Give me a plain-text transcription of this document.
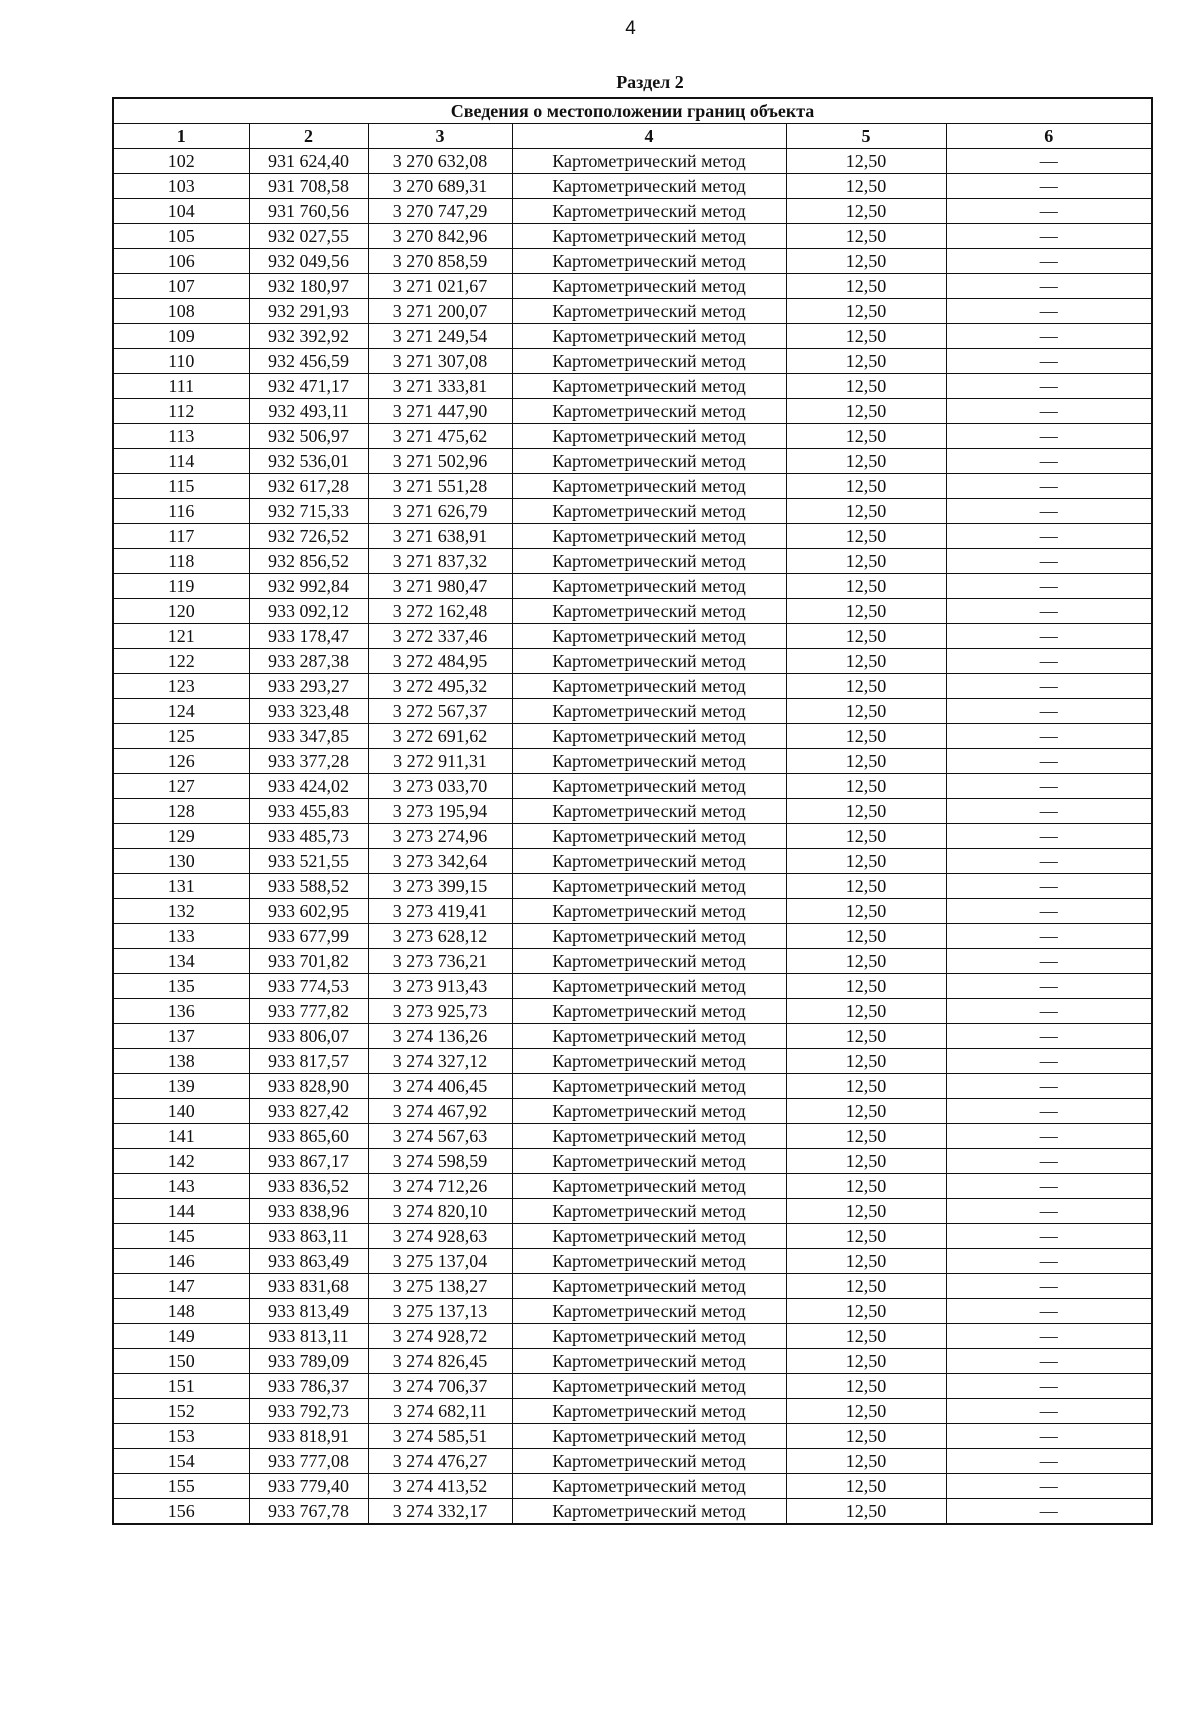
4
Раздел 2
Сведения о местоположении границ объекта					
1	2	3	4	5	6
102	931 624,40	3 270 632,08	Картометрический метод	12,50	—
103	931 708,58	3 270 689,31	Картометрический метод	12,50	—
104	931 760,56	3 270 747,29	Картометрический метод	12,50	—
105	932 027,55	3 270 842,96	Картометрический метод	12,50	—
106	932 049,56	3 270 858,59	Картометрический метод	12,50	—
107	932 180,97	3 271 021,67	Картометрический метод	12,50	—
108	932 291,93	3 271 200,07	Картометрический метод	12,50	—
109	932 392,92	3 271 249,54	Картометрический метод	12,50	—
110	932 456,59	3 271 307,08	Картометрический метод	12,50	—
111	932 471,17	3 271 333,81	Картометрический метод	12,50	—
112	932 493,11	3 271 447,90	Картометрический метод	12,50	—
113	932 506,97	3 271 475,62	Картометрический метод	12,50	—
114	932 536,01	3 271 502,96	Картометрический метод	12,50	—
115	932 617,28	3 271 551,28	Картометрический метод	12,50	—
116	932 715,33	3 271 626,79	Картометрический метод	12,50	—
117	932 726,52	3 271 638,91	Картометрический метод	12,50	—
118	932 856,52	3 271 837,32	Картометрический метод	12,50	—
119	932 992,84	3 271 980,47	Картометрический метод	12,50	—
120	933 092,12	3 272 162,48	Картометрический метод	12,50	—
121	933 178,47	3 272 337,46	Картометрический метод	12,50	—
122	933 287,38	3 272 484,95	Картометрический метод	12,50	—
123	933 293,27	3 272 495,32	Картометрический метод	12,50	—
124	933 323,48	3 272 567,37	Картометрический метод	12,50	—
125	933 347,85	3 272 691,62	Картометрический метод	12,50	—
126	933 377,28	3 272 911,31	Картометрический метод	12,50	—
127	933 424,02	3 273 033,70	Картометрический метод	12,50	—
128	933 455,83	3 273 195,94	Картометрический метод	12,50	—
129	933 485,73	3 273 274,96	Картометрический метод	12,50	—
130	933 521,55	3 273 342,64	Картометрический метод	12,50	—
131	933 588,52	3 273 399,15	Картометрический метод	12,50	—
132	933 602,95	3 273 419,41	Картометрический метод	12,50	—
133	933 677,99	3 273 628,12	Картометрический метод	12,50	—
134	933 701,82	3 273 736,21	Картометрический метод	12,50	—
135	933 774,53	3 273 913,43	Картометрический метод	12,50	—
136	933 777,82	3 273 925,73	Картометрический метод	12,50	—
137	933 806,07	3 274 136,26	Картометрический метод	12,50	—
138	933 817,57	3 274 327,12	Картометрический метод	12,50	—
139	933 828,90	3 274 406,45	Картометрический метод	12,50	—
140	933 827,42	3 274 467,92	Картометрический метод	12,50	—
141	933 865,60	3 274 567,63	Картометрический метод	12,50	—
142	933 867,17	3 274 598,59	Картометрический метод	12,50	—
143	933 836,52	3 274 712,26	Картометрический метод	12,50	—
144	933 838,96	3 274 820,10	Картометрический метод	12,50	—
145	933 863,11	3 274 928,63	Картометрический метод	12,50	—
146	933 863,49	3 275 137,04	Картометрический метод	12,50	—
147	933 831,68	3 275 138,27	Картометрический метод	12,50	—
148	933 813,49	3 275 137,13	Картометрический метод	12,50	—
149	933 813,11	3 274 928,72	Картометрический метод	12,50	—
150	933 789,09	3 274 826,45	Картометрический метод	12,50	—
151	933 786,37	3 274 706,37	Картометрический метод	12,50	—
152	933 792,73	3 274 682,11	Картометрический метод	12,50	—
153	933 818,91	3 274 585,51	Картометрический метод	12,50	—
154	933 777,08	3 274 476,27	Картометрический метод	12,50	—
155	933 779,40	3 274 413,52	Картометрический метод	12,50	—
156	933 767,78	3 274 332,17	Картометрический метод	12,50	—
